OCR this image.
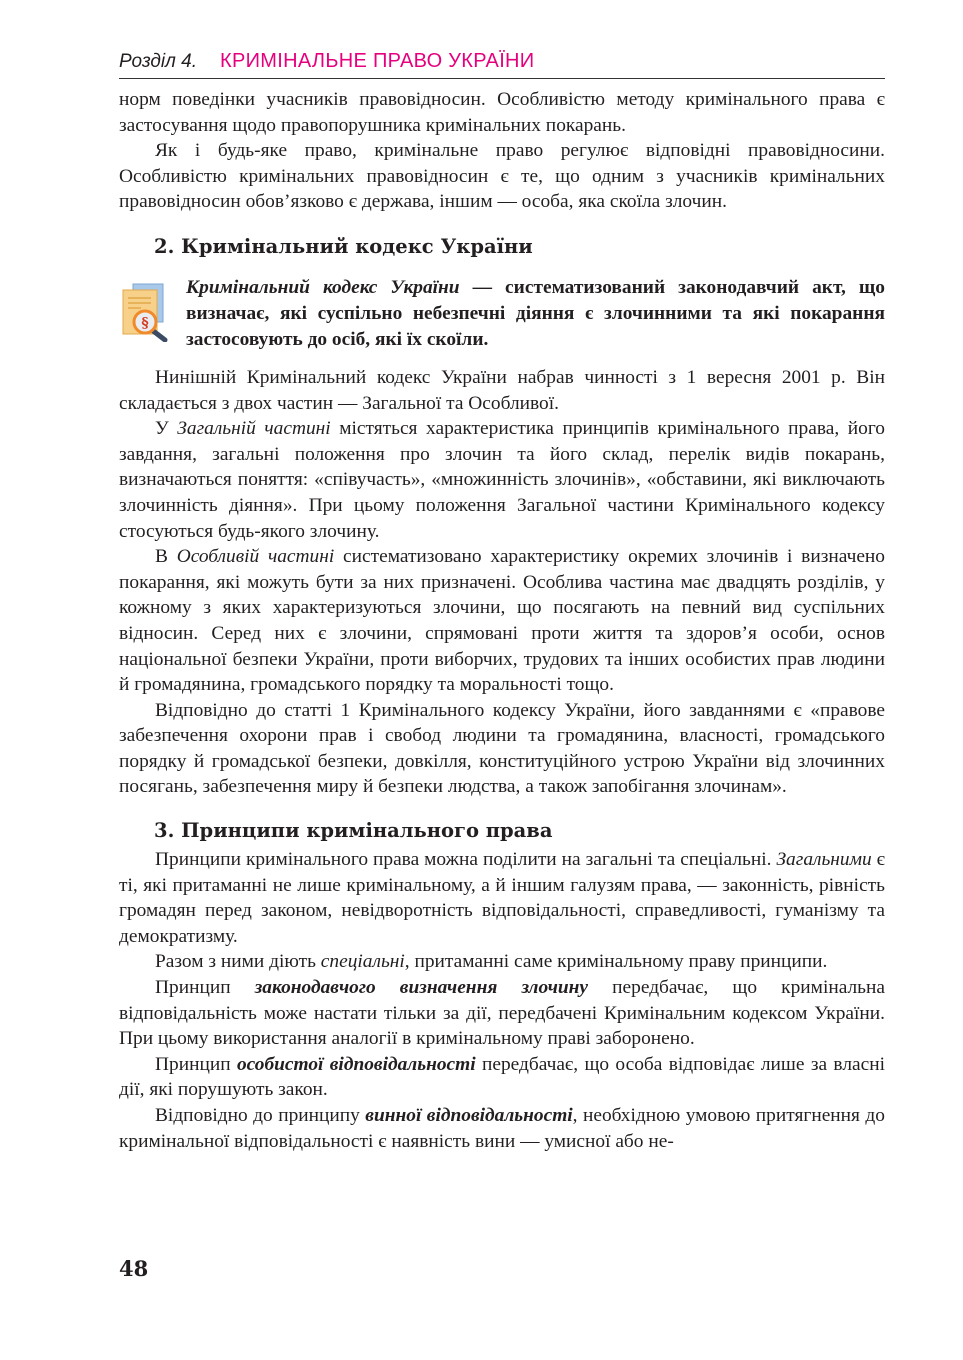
Розділ 4. КРИМІНАЛЬНЕ ПРАВО УКРАЇНИ

норм поведінки учасників правовідносин. Особливістю методу кримінального права є застосування щодо правопорушника кримінальних покарань.

Як і будь-яке право, кримінальне право регулює відповідні правовідносини. Особливістю кримінальних правовідносин є те, що одним з учасників кримінальних правовідносин обов’язково є держава, іншим — особа, яка скоїла злочин.

2. Кримінальний кодекс України
§
Кримінальний кодекс України — систематизований законодавчий акт, що визначає, які суспільно небезпечні діяння є злочинними та які покарання застосовують до осіб, які їх скоїли.

Нинішній Кримінальний кодекс України набрав чинності з 1 вересня 2001 р. Він складається з двох частин — Загальної та Особливої.

У Загальній частині містяться характеристика принципів кримінального права, його завдання, загальні положення про злочин та його склад, перелік видів покарань, визначаються поняття: «співучасть», «множинність злочинів», «обставини, які виключають злочинність діяння». При цьому положення Загальної частини Кримінального кодексу стосуються будь-якого злочину.

В Особливій частині систематизовано характеристику окремих злочинів і визначено покарання, які можуть бути за них призначені. Особлива частина має двадцять розділів, у кожному з яких характеризуються злочини, що посягають на певний вид суспільних відносин. Серед них є злочини, спрямовані проти життя та здоров’я особи, основ національної безпеки України, проти виборчих, трудових та інших особистих прав людини й громадянина, громадського порядку та моральності тощо.

Відповідно до статті 1 Кримінального кодексу України, його завданнями є «правове забезпечення охорони прав і свобод людини та громадянина, власності, громадського порядку й громадської безпеки, довкілля, конституційного устрою України від злочинних посягань, забезпечення миру й безпеки людства, а також запобігання злочинам».

3. Принципи кримінального права

Принципи кримінального права можна поділити на загальні та спеціальні. Загальними є ті, які притаманні не лише кримінальному, а й іншим галузям права, — законність, рівність громадян перед законом, невідворотність відповідальності, справедливості, гуманізму та демократизму.

Разом з ними діють спеціальні, притаманні саме кримінальному праву принципи.

Принцип законодавчого визначення злочину передбачає, що кримінальна відповідальність може настати тільки за дії, передбачені Кримінальним кодексом України. При цьому використання аналогії в кримінальному праві заборонено.

Принцип особистої відповідальності передбачає, що особа відповідає лише за власні дії, які порушують закон.

Відповідно до принципу винної відповідальності, необхідною умовою притягнення до кримінальної відповідальності є наявність вини — умисної або не-

48
